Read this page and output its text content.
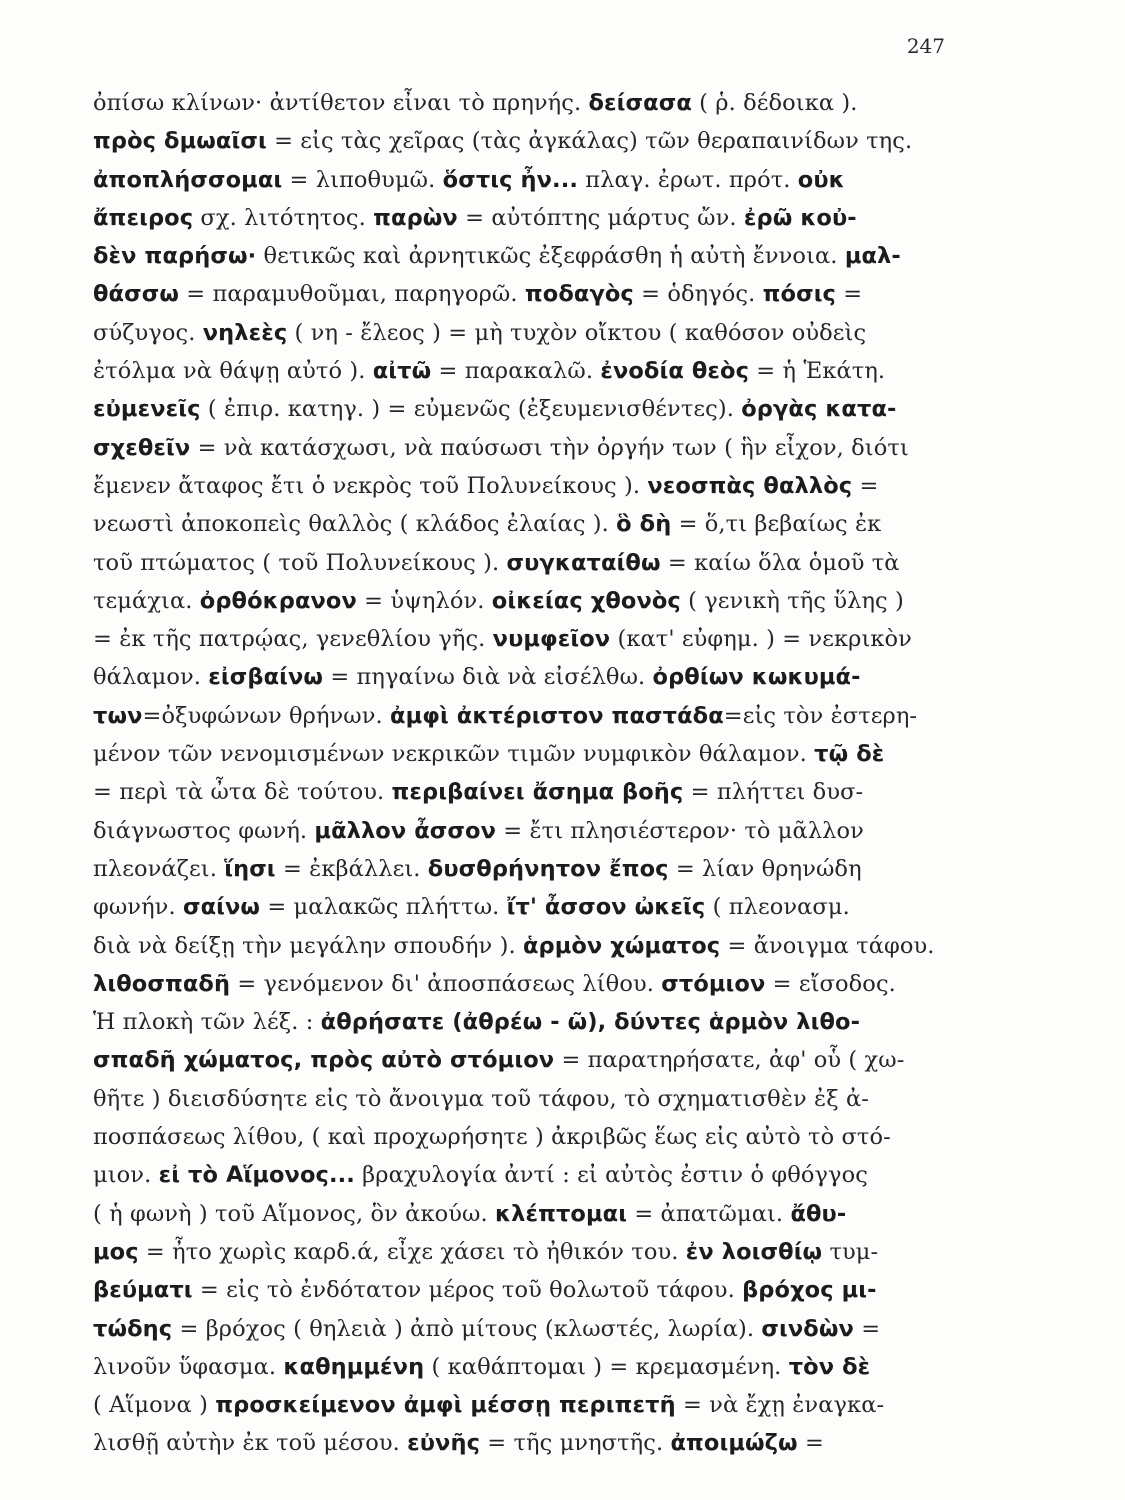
247
ὀπίσω κλίνων· ἀντίθετον εἶναι τὸ πρηνής. δείσασα ( ῥ. δέδοικα ).
πρὸς δμωαῖσι = εἰς τὰς χεῖρας (τὰς ἀγκάλας) τῶν θεραπαινίδων της.
ἀποπλήσσομαι = λιποθυμῶ. ὅστις ἦν... πλαγ. ἐρωτ. πρότ. οὐκ
ἄπειρος σχ. λιτότητος. παρὼν = αὐτόπτης μάρτυς ὤν. ἐρῶ κοὐ-
δὲν παρήσω· θετικῶς καὶ ἀρνητικῶς ἐξεφράσθη ἡ αὐτὴ ἔννοια. μαλ-
θάσσω = παραμυθοῦμαι, παρηγορῶ. ποδαγὸς = ὁδηγός. πόσις =
σύζυγος. νηλεὲς ( νη - ἔλεος ) = μὴ τυχὸν οἴκτου ( καθόσον οὐδεὶς
ἐτόλμα νὰ θάψῃ αὐτό ). αἰτῶ = παρακαλῶ. ἐνοδία θεὸς = ἡ Ἑκάτη.
εὐμενεῖς ( ἐπιρ. κατηγ. ) = εὐμενῶς (ἐξευμενισθέντες). ὀργὰς κατα-
σχεθεῖν = νὰ κατάσχωσι, νὰ παύσωσι τὴν ὀργήν των ( ἣν εἶχον, διότι
ἔμενεν ἄταφος ἔτι ὁ νεκρὸς τοῦ Πολυνείκους ). νεοσπὰς θαλλὸς =
νεωστὶ ἀποκοπεὶς θαλλὸς ( κλάδος ἐλαίας ). ὃ δὴ = ὅ,τι βεβαίως ἐκ
τοῦ πτώματος ( τοῦ Πολυνείκους ). συγκαταίθω = καίω ὅλα ὁμοῦ τὰ
τεμάχια. ὀρθόκρανον = ὑψηλόν. οἰκείας χθονὸς ( γενικὴ τῆς ὕλης )
= ἐκ τῆς πατρῴας, γενεθλίου γῆς. νυμφεῖον (κατ' εὐφημ. ) = νεκρικὸν
θάλαμον. εἰσβαίνω = πηγαίνω διὰ νὰ εἰσέλθω. ὀρθίων κωκυμά-
των=ὀξυφώνων θρήνων. ἀμφὶ ἀκτέριστον παστάδα=εἰς τὸν ἐστερη-
μένον τῶν νενομισμένων νεκρικῶν τιμῶν νυμφικὸν θάλαμον. τῷ δὲ
= περὶ τὰ ὦτα δὲ τούτου. περιβαίνει ἄσημα βοῆς = πλήττει δυσ-
διάγνωστος φωνή. μᾶλλον ἆσσον = ἔτι πλησιέστερον· τὸ μᾶλλον
πλεονάζει. ἵησι = ἐκβάλλει. δυσθρήνητον ἔπος = λίαν θρηνώδη
φωνήν. σαίνω = μαλακῶς πλήττω. ἴτ' ἆσσον ὠκεῖς ( πλεονασμ.
διὰ νὰ δείξῃ τὴν μεγάλην σπουδήν ). ἁρμὸν χώματος = ἄνοιγμα τάφου.
λιθοσπαδῆ = γενόμενον δι' ἀποσπάσεως λίθου. στόμιον = εἴσοδος.
Ἡ πλοκὴ τῶν λέξ. : ἀθρήσατε (ἀθρέω - ῶ), δύντες ἁρμὸν λιθο-
σπαδῆ χώματος, πρὸς αὐτὸ στόμιον = παρατηρήσατε, ἀφ' οὗ ( χω-
θῆτε ) διεισδύσητε εἰς τὸ ἄνοιγμα τοῦ τάφου, τὸ σχηματισθὲν ἐξ ἀ-
ποσπάσεως λίθου, ( καὶ προχωρήσητε ) ἀκριβῶς ἕως εἰς αὐτὸ τὸ στό-
μιον. εἰ τὸ Αἵμονος... βραχυλογία ἀντί : εἰ αὐτὸς ἐστιν ὁ φθόγγος
( ἡ φωνὴ ) τοῦ Αἵμονος, ὃν ἀκούω. κλέπτομαι = ἀπατῶμαι. ἄθυ-
μος = ἦτο χωρὶς καρδ.ά, εἶχε χάσει τὸ ἠθικόν του. ἐν λοισθίῳ τυμ-
βεύματι = εἰς τὸ ἐνδότατον μέρος τοῦ θολωτοῦ τάφου. βρόχος μι-
τώδης = βρόχος ( θηλειὰ ) ἀπὸ μίτους (κλωστές, λωρία). σινδὼν =
λινοῦν ὕφασμα. καθημμένη ( καθάπτομαι ) = κρεμασμένη. τὸν δὲ
( Αἵμονα ) προσκείμενον ἀμφὶ μέσσῃ περιπετῆ = νὰ ἔχῃ ἐναγκα-
λισθῇ αὐτὴν ἐκ τοῦ μέσου. εὐνῆς = τῆς μνηστῆς. ἀποιμώζω =
